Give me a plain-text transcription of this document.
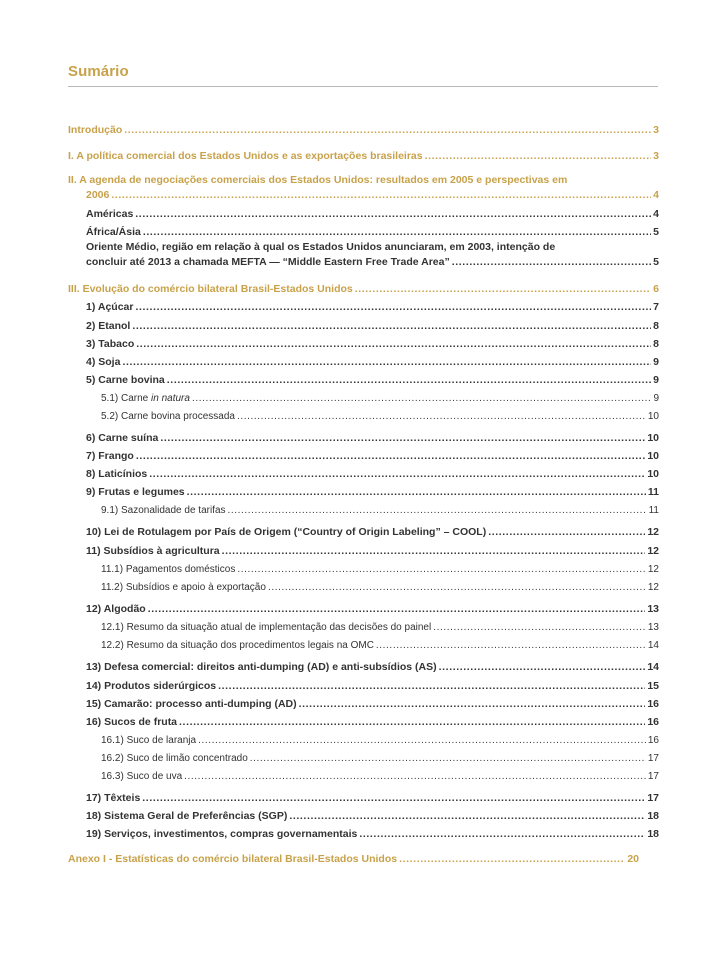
Sumário
Introdução .....	3
I. A política comercial dos Estados Unidos e as exportações brasileiras .....	3
II. A agenda de negociações comerciais dos Estados Unidos: resultados em 2005 e perspectivas em
2006 .....	4
Américas .....	4
África/Ásia .....	5
Oriente Médio, região em relação à qual os Estados Unidos anunciaram, em 2003, intenção de
concluir até 2013 a chamada MEFTA — “Middle Eastern Free Trade Area” .....	5
III. Evolução do comércio bilateral Brasil-Estados Unidos .....	6
1) Açúcar .....	7
2) Etanol .....	8
3) Tabaco .....	8
4) Soja .....	9
5) Carne bovina .....	9
5.1) Carne in natura .....	9
5.2) Carne bovina processada .....	10
6) Carne suína .....	10
7) Frango .....	10
8) Laticínios .....	10
9) Frutas e legumes .....	11
9.1) Sazonalidade de tarifas .....	11
10) Lei de Rotulagem por País de Origem (“Country of Origin Labeling” – COOL) .....	12
11) Subsídios à agricultura .....	12
11.1) Pagamentos domésticos .....	12
11.2) Subsídios e apoio à exportação .....	12
12) Algodão .....	13
12.1) Resumo da situação atual de implementação das decisões do painel .....	13
12.2) Resumo da situação dos procedimentos legais na OMC .....	14
13) Defesa comercial: direitos anti-dumping (AD) e anti-subsídios (AS) .....	14
14) Produtos siderúrgicos .....	15
15) Camarão: processo anti-dumping (AD) .....	16
16) Sucos de fruta .....	16
16.1) Suco de laranja .....	16
16.2) Suco de limão concentrado .....	17
16.3) Suco de uva .....	17
17) Têxteis .....	17
18) Sistema Geral de Preferências (SGP) .....	18
19) Serviços, investimentos, compras governamentais .....	18
Anexo I - Estatísticas do comércio bilateral Brasil-Estados Unidos .....	20
